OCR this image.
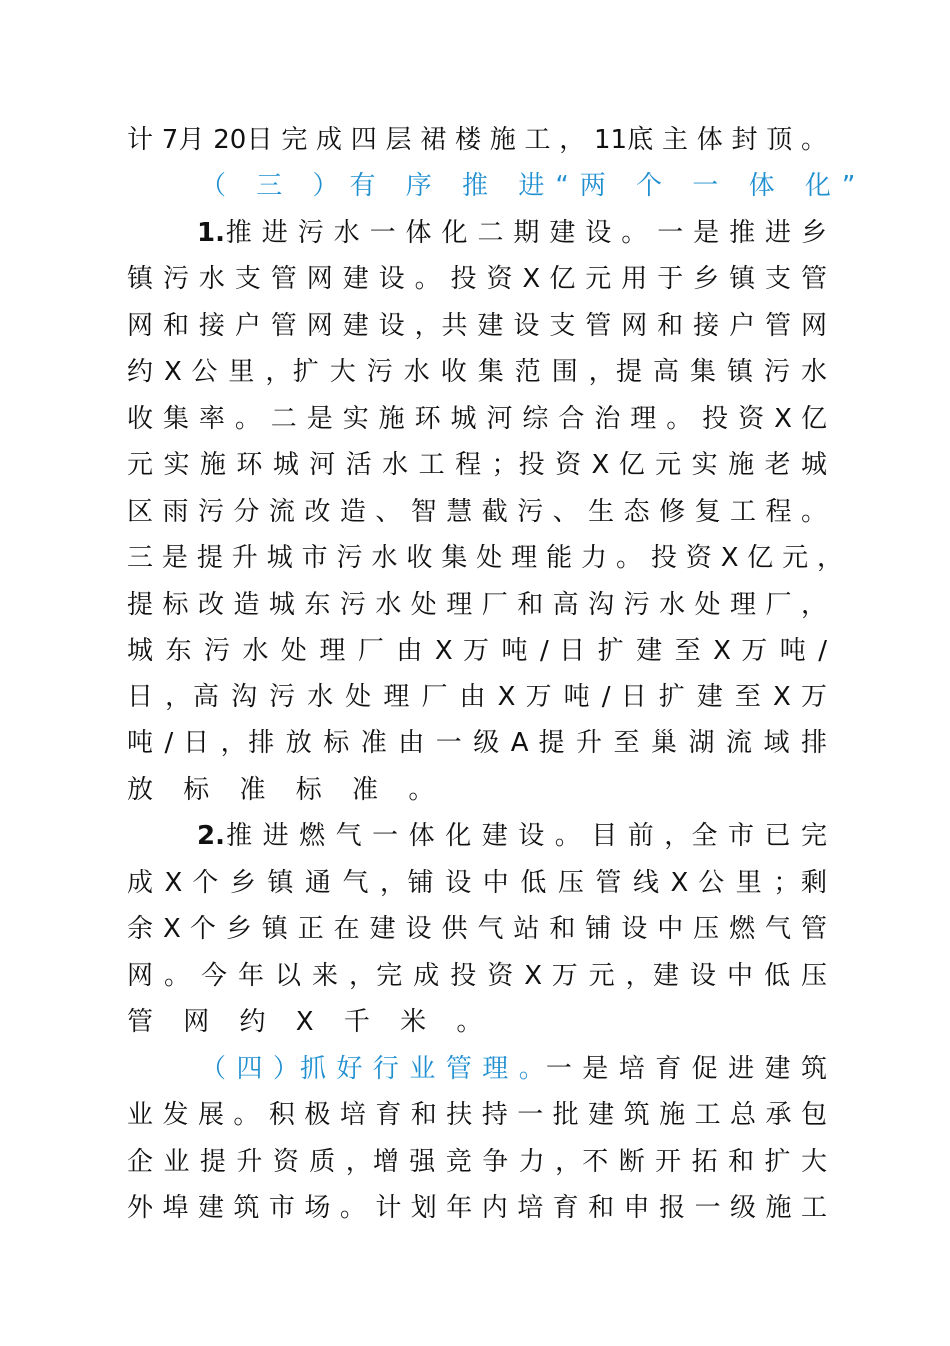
计 7月 20日 完 成 四 层 裙 楼 施 工 ， 11底 主 体 封 顶 。
（ 三 ）有 序 推 进“两 个 一 体 化”
1.推 进 污 水 一 体 化 二 期 建 设 。 一 是 推 进 乡
镇 污 水 支 管 网 建 设 。 投 资 X 亿 元 用 于 乡 镇 支 管
网 和 接 户 管 网 建 设 ，共 建 设 支 管 网 和 接 户 管 网
约 X 公 里 ，扩 大 污 水 收 集 范 围 ，提 高 集 镇 污 水
收 集 率 。 二 是 实 施 环 城 河 综 合 治 理 。 投 资 X 亿
元 实 施 环 城 河 活 水 工 程 ；投 资 X 亿 元 实 施 老 城
区 雨 污 分 流 改 造 、 智 慧 截 污 、 生 态 修 复 工 程 。
三 是 提 升 城 市 污 水 收 集 处 理 能 力 。 投 资 X 亿 元 ，
提 标 改 造 城 东 污 水 处 理 厂 和 高 沟 污 水 处 理 厂 ，
城 东 污 水 处 理 厂 由 X 万 吨 / 日 扩 建 至 X 万 吨 /
日 ，高 沟 污 水 处 理 厂 由 X 万 吨 / 日 扩 建 至 X 万
吨 / 日 ，排 放 标 准 由 一 级 A 提 升 至 巢 湖 流 域 排
放 标 准 标 准 。
2.推 进 燃 气 一 体 化 建 设 。 目 前 ，全 市 已 完
成 X 个 乡 镇 通 气 ，铺 设 中 低 压 管 线 X 公 里 ；剩
余 X 个 乡 镇 正 在 建 设 供 气 站 和 铺 设 中 压 燃 气 管
网 。 今 年 以 来 ，完 成 投 资 X 万 元 ，建 设 中 低 压
管 网 约 X 千 米 。
（ 四 ）抓 好 行 业 管 理 。一 是 培 育 促 进 建 筑
业 发 展 。 积 极 培 育 和 扶 持 一 批 建 筑 施 工 总 承 包
企 业 提 升 资 质 ，增 强 竞 争 力 ，不 断 开 拓 和 扩 大
外 埠 建 筑 市 场 。 计 划 年 内 培 育 和 申 报 一 级 施 工
